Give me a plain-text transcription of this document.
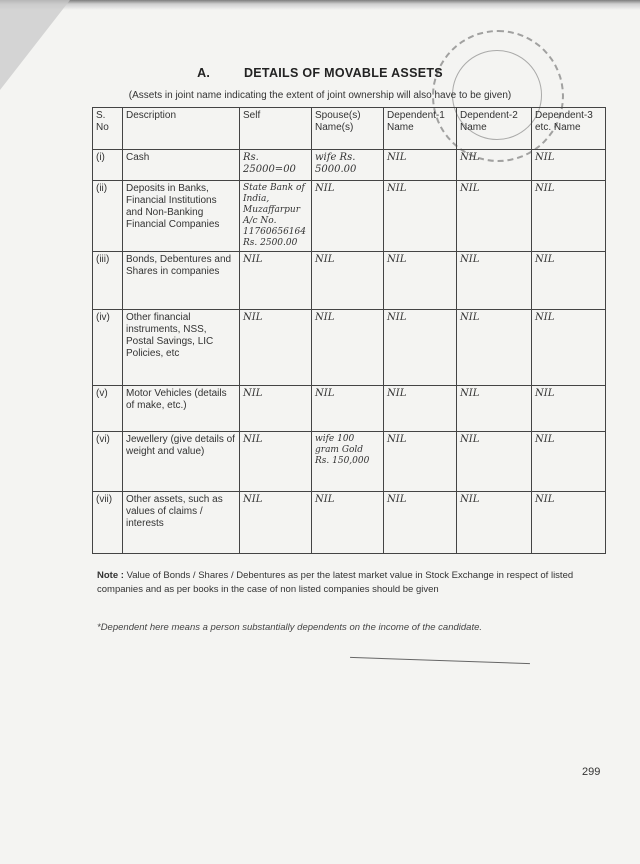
A.	DETAILS OF MOVABLE ASSETS
(Assets in joint name indicating the extent of joint ownership will also have to be given)
S. No	Description	Self	Spouse(s) Name(s)	Dependent-1 Name	Dependent-2 Name	Dependent-3 etc. Name
(i)	Cash	Rs. 25000=00	wife Rs. 5000.00	NIL	NIL	NIL
(ii)	Deposits in Banks, Financial Institutions and Non-Banking Financial Companies	State Bank of India, Muzaffarpur A/c No. 11760656164 Rs. 2500.00	NIL	NIL	NIL	NIL
(iii)	Bonds, Debentures and Shares in companies	NIL	NIL	NIL	NIL	NIL
(iv)	Other financial instruments, NSS, Postal Savings, LIC Policies, etc	NIL	NIL	NIL	NIL	NIL
(v)	Motor Vehicles (details of make, etc.)	NIL	NIL	NIL	NIL	NIL
(vi)	Jewellery (give details of weight and value)	NIL	wife 100 gram Gold Rs. 150,000	NIL	NIL	NIL
(vii)	Other assets, such as values of claims / interests	NIL	NIL	NIL	NIL	NIL
Note : Value of Bonds / Shares / Debentures as per the latest market value in Stock Exchange in respect of listed companies and as per books in the case of non listed companies should be given
*Dependent here means a person substantially dependents on the income of the candidate.
299
